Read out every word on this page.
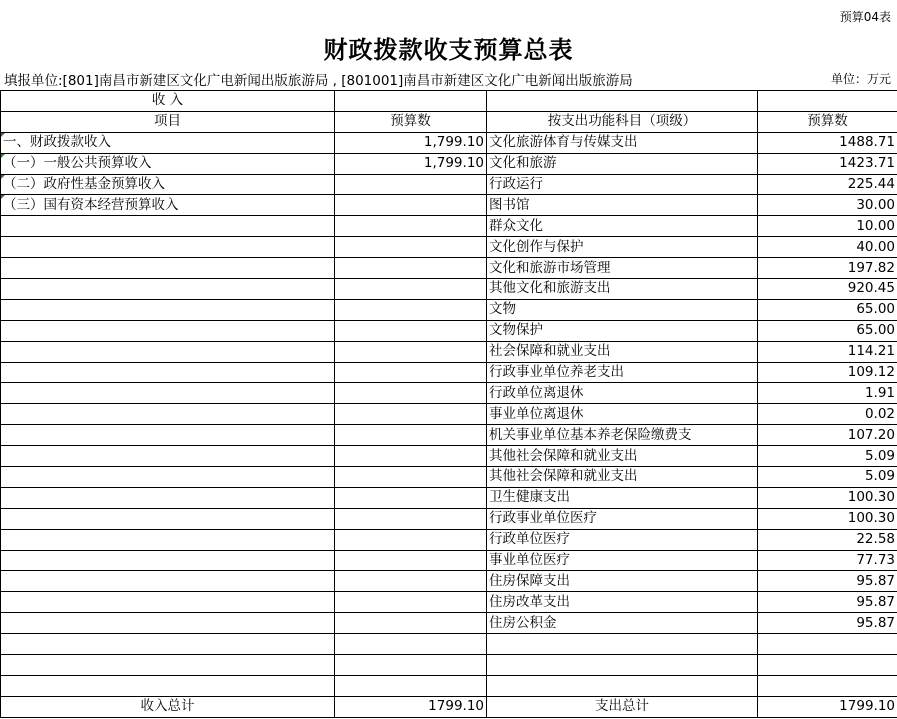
预算04表
财政拨款收支预算总表
填报单位:[801]南昌市新建区文化广电新闻出版旅游局 , [801001]南昌市新建区文化广电新闻出版旅游局	单位：万元
收 入			
项目	预算数	按支出功能科目（项级）	预算数
一、财政拨款收入	1,799.10	文化旅游体育与传媒支出	1488.71
（一）一般公共预算收入	1,799.10	文化和旅游	1423.71
（二）政府性基金预算收入		行政运行	225.44
（三）国有资本经营预算收入		图书馆	30.00
		群众文化	10.00
		文化创作与保护	40.00
		文化和旅游市场管理	197.82
		其他文化和旅游支出	920.45
		文物	65.00
		文物保护	65.00
		社会保障和就业支出	114.21
		行政事业单位养老支出	109.12
		行政单位离退休	1.91
		事业单位离退休	0.02
		机关事业单位基本养老保险缴费支	107.20
		其他社会保障和就业支出	5.09
		其他社会保障和就业支出	5.09
		卫生健康支出	100.30
		行政事业单位医疗	100.30
		行政单位医疗	22.58
		事业单位医疗	77.73
		住房保障支出	95.87
		住房改革支出	95.87
		住房公积金	95.87

收入总计	1799.10	支出总计	1799.10
